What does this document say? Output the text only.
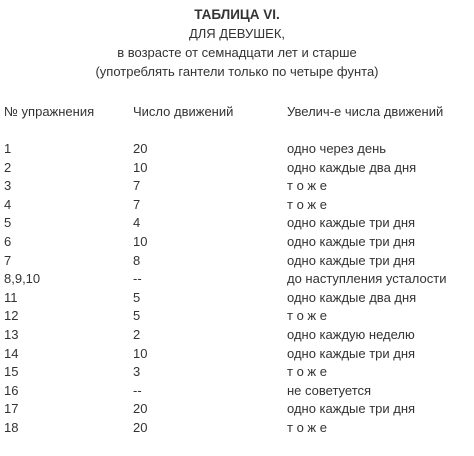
ТАБЛИЦА VI.
ДЛЯ ДЕВУШЕК,
в возрасте от семнадцати лет и старше
(употреблять гантели только по четыре фунта)
№ упражнения	Число движений	Увелич-е числа движений
1	20	одно через день
2	10	одно каждые два дня
3	7	т о ж е
4	7	т о ж е
5	4	одно каждые три дня
6	10	одно каждые три дня
7	8	одно каждые три дня
8,9,10	--	до наступления усталости
11	5	одно каждые два дня
12	5	т о ж е
13	2	одно каждую неделю
14	10	одно каждые три дня
15	3	т о ж е
16	--	не советуется
17	20	одно каждые три дня
18	20	т о ж е
